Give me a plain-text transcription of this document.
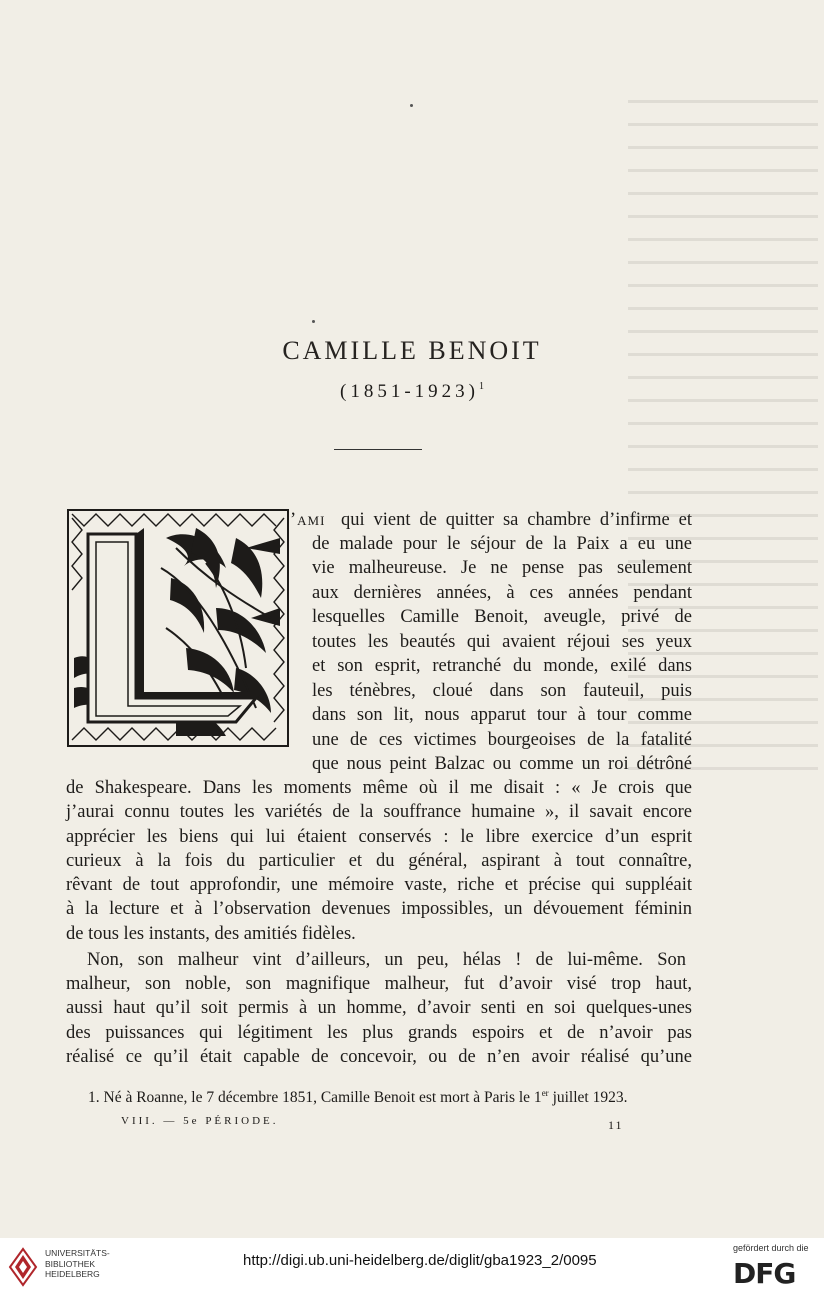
CAMILLE BENOIT
(1851-1923)$^1$
1. Né à Roanne, le 7 décembre 1851, Camille Benoit est mort à Paris le 1er juillet 1923.
VIII. — 5e PÉRIODE.	11
’ami qui vient de quitter sa chambre d’infirme et
de malade pour le séjour de la Paix a eu une
vie malheureuse. Je ne pense pas seulement
aux dernières années, à ces années pendant
lesquelles Camille Benoit, aveugle, privé de
toutes les beautés qui avaient réjoui ses yeux
et son esprit, retranché du monde, exilé dans
les ténèbres, cloué dans son fauteuil, puis
dans son lit, nous apparut tour à tour comme
une de ces victimes bourgeoises de la fatalité
que nous peint Balzac ou comme un roi détrôné
de Shakespeare. Dans les moments même où il me disait : « Je crois que
j’aurai connu toutes les variétés de la souffrance humaine », il savait encore
apprécier les biens qui lui étaient conservés : le libre exercice d’un esprit
curieux à la fois du particulier et du général, aspirant à tout connaître,
rêvant de tout approfondir, une mémoire vaste, riche et précise qui suppléait
à la lecture et à l’observation devenues impossibles, un dévouement féminin
de tous les instants, des amitiés fidèles.
Non, son malheur vint d’ailleurs, un peu, hélas ! de lui-même. Son
malheur, son noble, son magnifique malheur, fut d’avoir visé trop haut,
aussi haut qu’il soit permis à un homme, d’avoir senti en soi quelques-unes
des puissances qui légitiment les plus grands espoirs et de n’avoir pas
réalisé ce qu’il était capable de concevoir, ou de n’en avoir réalisé qu’une
UNIVERSITÄTS-
BIBLIOTHEK
HEIDELBERG
http://digi.ub.uni-heidelberg.de/diglit/gba1923_2/0095
gefördert durch die
DFG
